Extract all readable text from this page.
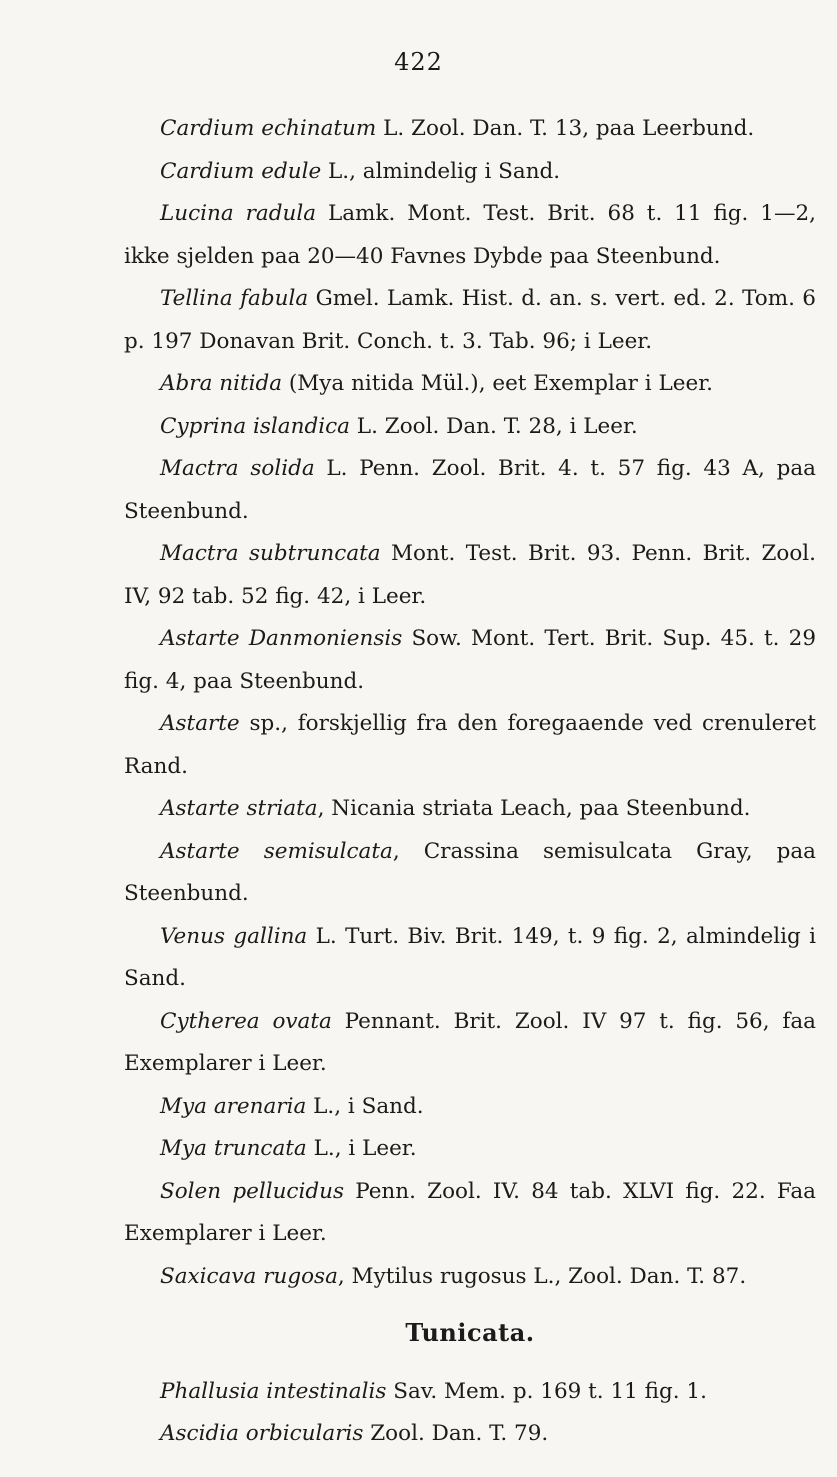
422

Cardium echinatum L. Zool. Dan. T. 13, paa Leerbund.

Cardium edule L., almindelig i Sand.

Lucina radula Lamk. Mont. Test. Brit. 68 t. 11 fig. 1—2, ikke sjelden paa 20—40 Favnes Dybde paa Steenbund.

Tellina fabula Gmel. Lamk. Hist. d. an. s. vert. ed. 2. Tom. 6 p. 197 Donavan Brit. Conch. t. 3. Tab. 96; i Leer.

Abra nitida (Mya nitida Mül.), eet Exemplar i Leer.

Cyprina islandica L. Zool. Dan. T. 28, i Leer.

Mactra solida L. Penn. Zool. Brit. 4. t. 57 fig. 43 A, paa Steenbund.

Mactra subtruncata Mont. Test. Brit. 93. Penn. Brit. Zool. IV, 92 tab. 52 fig. 42, i Leer.

Astarte Danmoniensis Sow. Mont. Tert. Brit. Sup. 45. t. 29 fig. 4, paa Steenbund.

Astarte sp., forskjellig fra den foregaaende ved crenuleret Rand.

Astarte striata, Nicania striata Leach, paa Steenbund.

Astarte semisulcata, Crassina semisulcata Gray, paa Steenbund.

Venus gallina L. Turt. Biv. Brit. 149, t. 9 fig. 2, almindelig i Sand.

Cytherea ovata Pennant. Brit. Zool. IV 97 t. fig. 56, faa Exemplarer i Leer.

Mya arenaria L., i Sand.

Mya truncata L., i Leer.

Solen pellucidus Penn. Zool. IV. 84 tab. XLVI fig. 22. Faa Exemplarer i Leer.

Saxicava rugosa, Mytilus rugosus L., Zool. Dan. T. 87.

Tunicata.

Phallusia intestinalis Sav. Mem. p. 169 t. 11 fig. 1.

Ascidia orbicularis Zool. Dan. T. 79.
